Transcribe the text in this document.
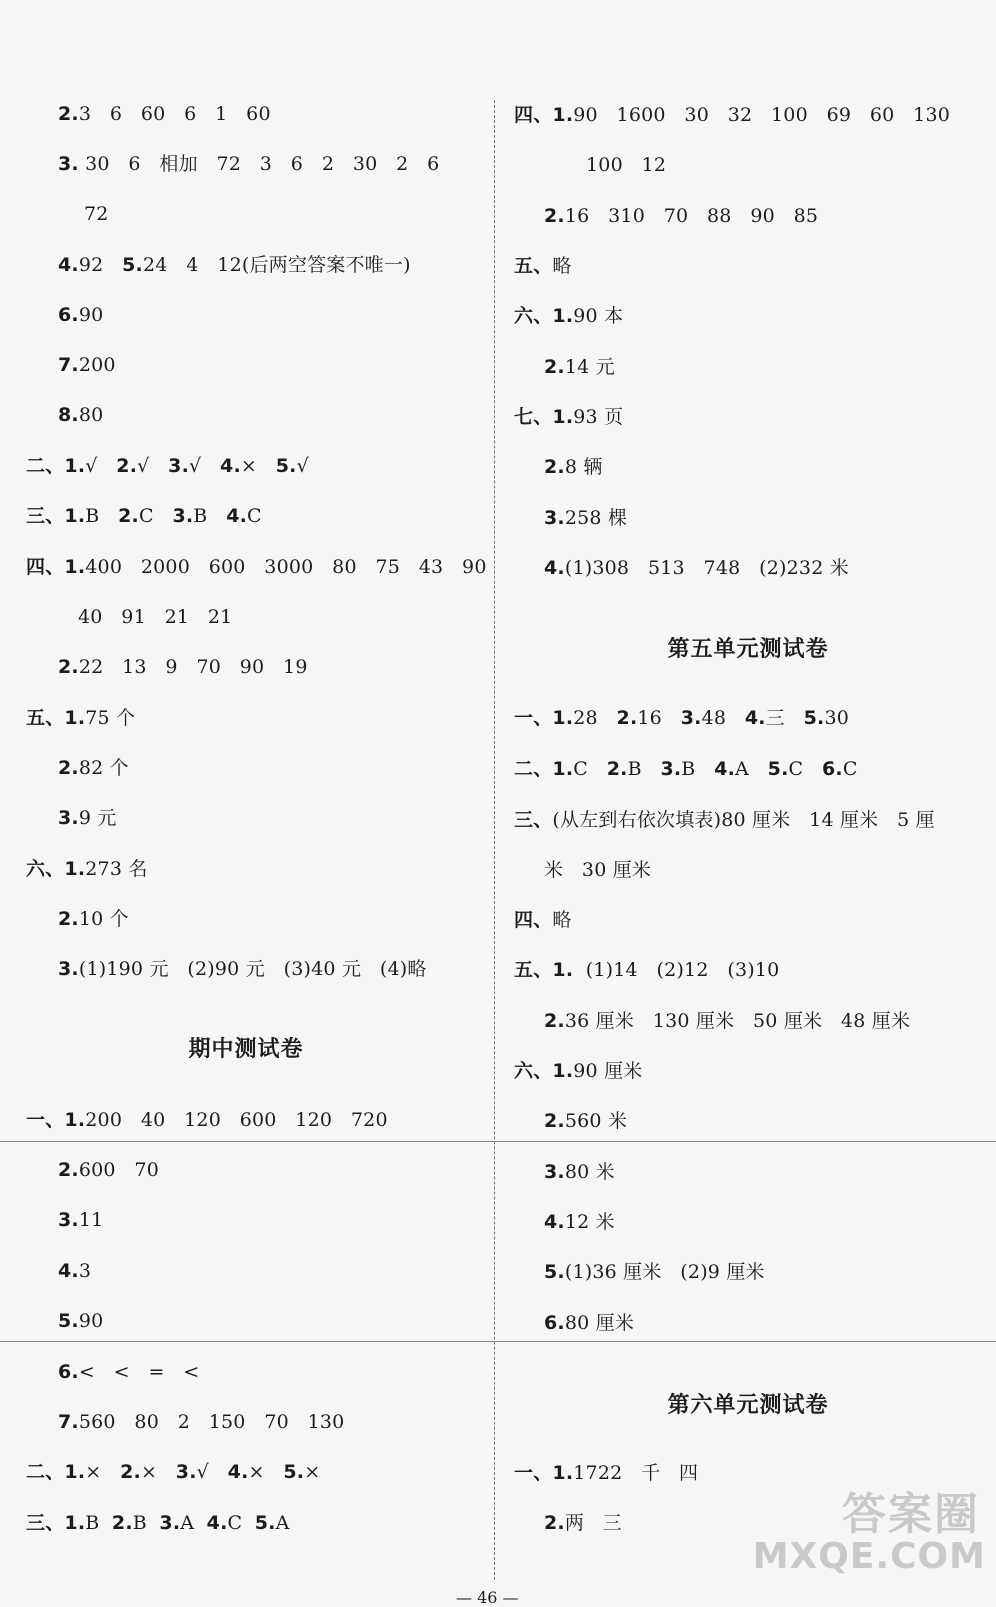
期中测试卷
2.3   6   60   6   1   60
3. 30   6   相加   72   3   6   2   30   2   6
72
4.92   5.24   4   12(后两空答案不唯一)
6.90
7.200
8.80
二、1.√   2.√   3.√   4.×   5.√
三、1.B   2.C   3.B   4.C
四、1.400   2000   600   3000   80   75   43   90
40   91   21   21
2.22   13   9   70   90   19
五、1.75 个
2.82 个
3.9 元
六、1.273 名
2.10 个
3.(1)190 元   (2)90 元   (3)40 元   (4)略
一、1.200   40   120   600   120   720
2.600   70
3.11
4.3
5.90
6.<   <   =   <
7.560   80   2   150   70   130
二、1.×   2.×   3.√   4.×   5.×
三、1.B  2.B  3.A  4.C  5.A
第五单元测试卷
第六单元测试卷
四、1.90   1600   30   32   100   69   60   130
100   12
2.16   310   70   88   90   85
五、略
六、1.90 本
2.14 元
七、1.93 页
2.8 辆
3.258 棵
4.(1)308   513   748   (2)232 米
一、1.28   2.16   3.48   4.三   5.30
二、1.C   2.B   3.B   4.A   5.C   6.C
三、(从左到右依次填表)80 厘米   14 厘米   5 厘
米   30 厘米
四、略
五、1.  (1)14   (2)12   (3)10
2.36 厘米   130 厘米   50 厘米   48 厘米
六、1.90 厘米
2.560 米
3.80 米
4.12 米
5.(1)36 厘米   (2)9 厘米
6.80 厘米
一、1.1722   千   四
2.两   三
— 46 —
答案圈
MXQE.COM
